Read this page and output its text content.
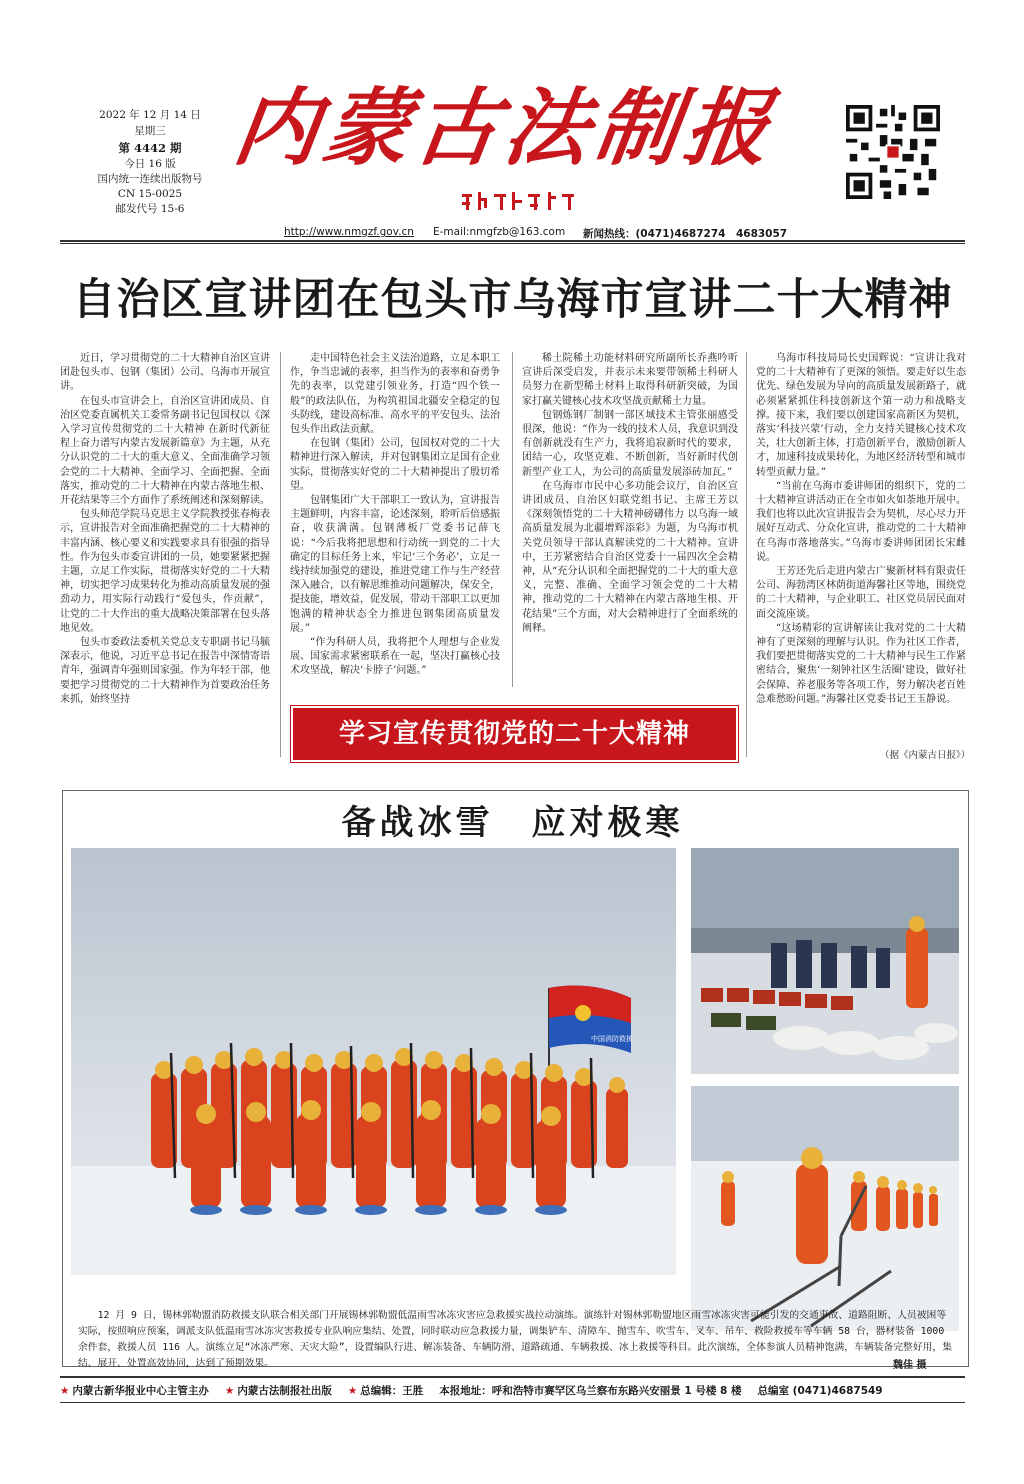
2022 年 12 月 14 日
星期三
第 4442 期
今日 16 版
国内统一连续出版物号
CN 15-0025
邮发代号 15-6
内蒙古法制报
http://www.nmgzf.gov.cn E-mail:nmgfzb@163.com 新闻热线：(0471)4687274　4683057
自治区宣讲团在包头市乌海市宣讲二十大精神

近日，学习贯彻党的二十大精神自治区宣讲团赴包头市、包钢（集团）公司、乌海市开展宣讲。

在包头市宣讲会上，自治区宣讲团成员、自治区党委直属机关工委常务副书记包国权以《深入学习宣传贯彻党的二十大精神 在新时代新征程上奋力谱写内蒙古发展新篇章》为主题，从充分认识党的二十大的重大意义、全面准确学习领会党的二十大精神、全面学习、全面把握、全面落实，推动党的二十大精神在内蒙古落地生根、开花结果等三个方面作了系统阐述和深刻解读。

包头师范学院马克思主义学院教授张春梅表示，宣讲报告对全面准确把握党的二十大精神的丰富内涵、核心要义和实践要求具有很强的指导性。作为包头市委宣讲团的一员，她要紧紧把握主题，立足工作实际，贯彻落实好党的二十大精神，切实把学习成果转化为推动高质量发展的强劲动力，用实际行动践行“爱包头，作贡献”，让党的二十大作出的重大战略决策部署在包头落地见效。

包头市委政法委机关党总支专职副书记马毓深表示，他说，习近平总书记在报告中深情寄语青年，强调青年强则国家强。作为年轻干部，他要把学习贯彻党的二十大精神作为首要政治任务来抓，始终坚持

走中国特色社会主义法治道路，立足本职工作，争当忠诚的表率，担当作为的表率和奋勇争先的表率，以党建引领业务，打造“四个铁一般”的政法队伍，为构筑祖国北疆安全稳定的包头防线，建设高标准、高水平的平安包头、法治包头作出政法贡献。

在包钢（集团）公司，包国权对党的二十大精神进行深入解读，并对包钢集团立足国有企业实际，贯彻落实好党的二十大精神提出了殷切希望。

包钢集团广大干部职工一致认为，宣讲报告主题鲜明，内容丰富，论述深刻，聆听后倍感振奋，收获满满。包钢薄板厂党委书记薛飞说：“今后我将把思想和行动统一到党的二十大确定的目标任务上来，牢记‘三个务必’，立足一线持续加强党的建设，推进党建工作与生产经营深入融合，以有解思维推动问题解决，保安全，提技能，增效益，促发展，带动干部职工以更加饱满的精神状态全力推进包钢集团高质量发展。”

“作为科研人员，我将把个人理想与企业发展、国家需求紧密联系在一起，坚决打赢核心技术攻坚战，解决‘卡脖子’问题。”

稀土院稀土功能材料研究所副所长乔燕吟听宣讲后深受启发，并表示未来要带领稀土科研人员努力在新型稀土材料上取得科研新突破，为国家打赢关键核心技术攻坚战贡献稀土力量。

包钢炼钢厂制钢一部区域技术主管张丽感受很深，他说：“作为一线的技术人员，我意识到没有创新就没有生产力，我将追寂新时代的要求，团结一心，攻坚克难、不断创新，当好新时代创新型产业工人，为公司的高质量发展添砖加瓦。”

在乌海市市民中心多功能会议厅，自治区宣讲团成员、自治区妇联党组书记、主席王芳以《深刻领悟党的二十大精神磅礴伟力 以乌海一域高质量发展为北疆增辉添彩》为题，为乌海市机关党员领导干部认真解读党的二十大精神。宣讲中，王芳紧密结合自治区党委十一届四次全会精神，从“充分认识和全面把握党的二十大的重大意义，完整、准确、全面学习领会党的二十大精神，推动党的二十大精神在内蒙古落地生根、开花结果”三个方面，对大会精神进行了全面系统的阐释。

乌海市科技局局长史国辉说：“宣讲让我对党的二十大精神有了更深的领悟。要走好以生态优先、绿色发展为导向的高质量发展新路子，就必须紧紧抓住科技创新这个第一动力和战略支撑。接下来，我们要以创建国家高新区为契机，落实‘科技兴蒙’行动，全力支持关键核心技术攻关，壮大创新主体，打造创新平台，激励创新人才，加速科技成果转化，为地区经济转型和城市转型贡献力量。”

“当前在乌海市委讲师团的组织下，党的二十大精神宣讲活动正在全市如火如荼地开展中。我们也将以此次宣讲报告会为契机，尽心尽力开展好互动式、分众化宣讲，推动党的二十大精神在乌海市落地落实。”乌海市委讲师团团长宋雌说。

王芳还先后走进内蒙古广聚新材料有限责任公司、海勃湾区林荫街道海馨社区等地，围绕党的二十大精神，与企业职工、社区党员居民面对面交流座谈。

“这场精彩的宣讲解读让我对党的二十大精神有了更深刻的理解与认识。作为社区工作者，我们要把贯彻落实党的二十大精神与民生工作紧密结合，聚焦‘一刻钟社区生活圈’建设，做好社会保障、养老服务等各项工作，努力解决老百姓急难愁盼问题。”海馨社区党委书记王玉静说。

（据《内蒙古日报》）
学习宣传贯彻党的二十大精神
备战冰雪　应对极寒
中国消防救援
12 月 9 日，锡林郭勒盟消防救援支队联合相关部门开展锡林郭勒盟低温雨雪冰冻灾害应急救援实战拉动演练。演练针对锡林郭勒盟地区雨雪冰冻灾害可能引发的交通事故、道路阻断、人员被困等实际，按照响应预案，调派支队低温雨雪冰冻灾害救援专业队响应集结、处置，同时联动应急救援力量，调集铲车、清障车、抛雪车、吹雪车、叉车、吊车、救险救援车等车辆 58 台，器材装备 1000 余件套，救援人员 116 人。演练立足“冰冻严寒、天灾大险”，设置编队行进、解冻装备、车辆防滑、道路疏通、车辆救援、冰上救援等科目。此次演练，全体参演人员精神饱满，车辆装备完整好用，集结、展开、处置高效协同，达到了预期效果。	魏佳 摄
★ 内蒙古新华报业中心主管主办 ★ 内蒙古法制报社出版 ★ 总编辑：王胜 本报地址：呼和浩特市赛罕区乌兰察布东路兴安丽景 1 号楼 8 楼 总编室 (0471)4687549
